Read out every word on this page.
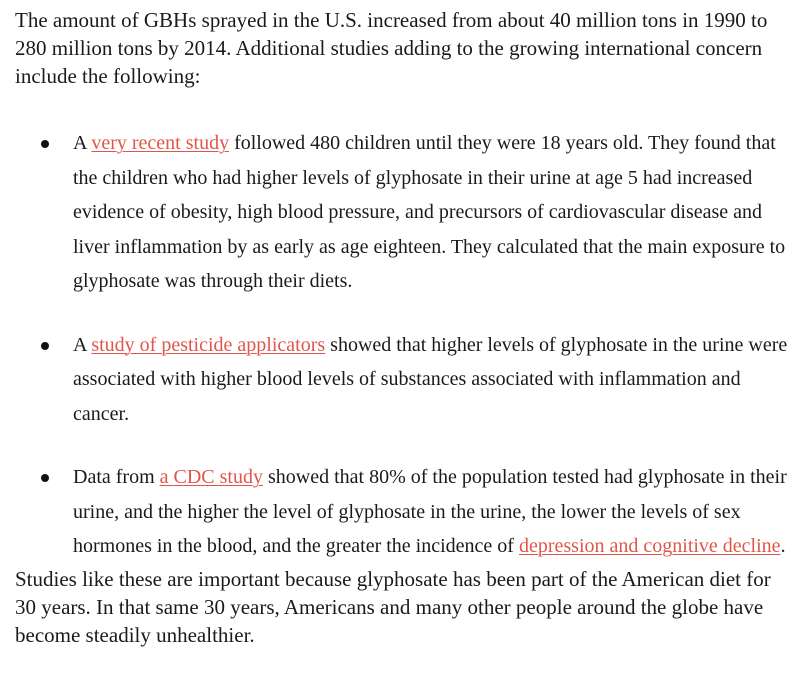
The amount of GBHs sprayed in the U.S. increased from about 40 million tons in 1990 to 280 million tons by 2014. Additional studies adding to the growing international concern include the following:

A very recent study followed 480 children until they were 18 years old. They found that the children who had higher levels of glyphosate in their urine at age 5 had increased evidence of obesity, high blood pressure, and precursors of cardiovascular disease and liver inflammation by as early as age eighteen. They calculated that the main exposure to glyphosate was through their diets.
A study of pesticide applicators showed that higher levels of glyphosate in the urine were associated with higher blood levels of substances associated with inflammation and cancer.
Data from a CDC study showed that 80% of the population tested had glyphosate in their urine, and the higher the level of glyphosate in the urine, the lower the levels of sex hormones in the blood, and the greater the incidence of depression and cognitive decline.

Studies like these are important because glyphosate has been part of the American diet for 30 years. In that same 30 years, Americans and many other people around the globe have become steadily unhealthier.
